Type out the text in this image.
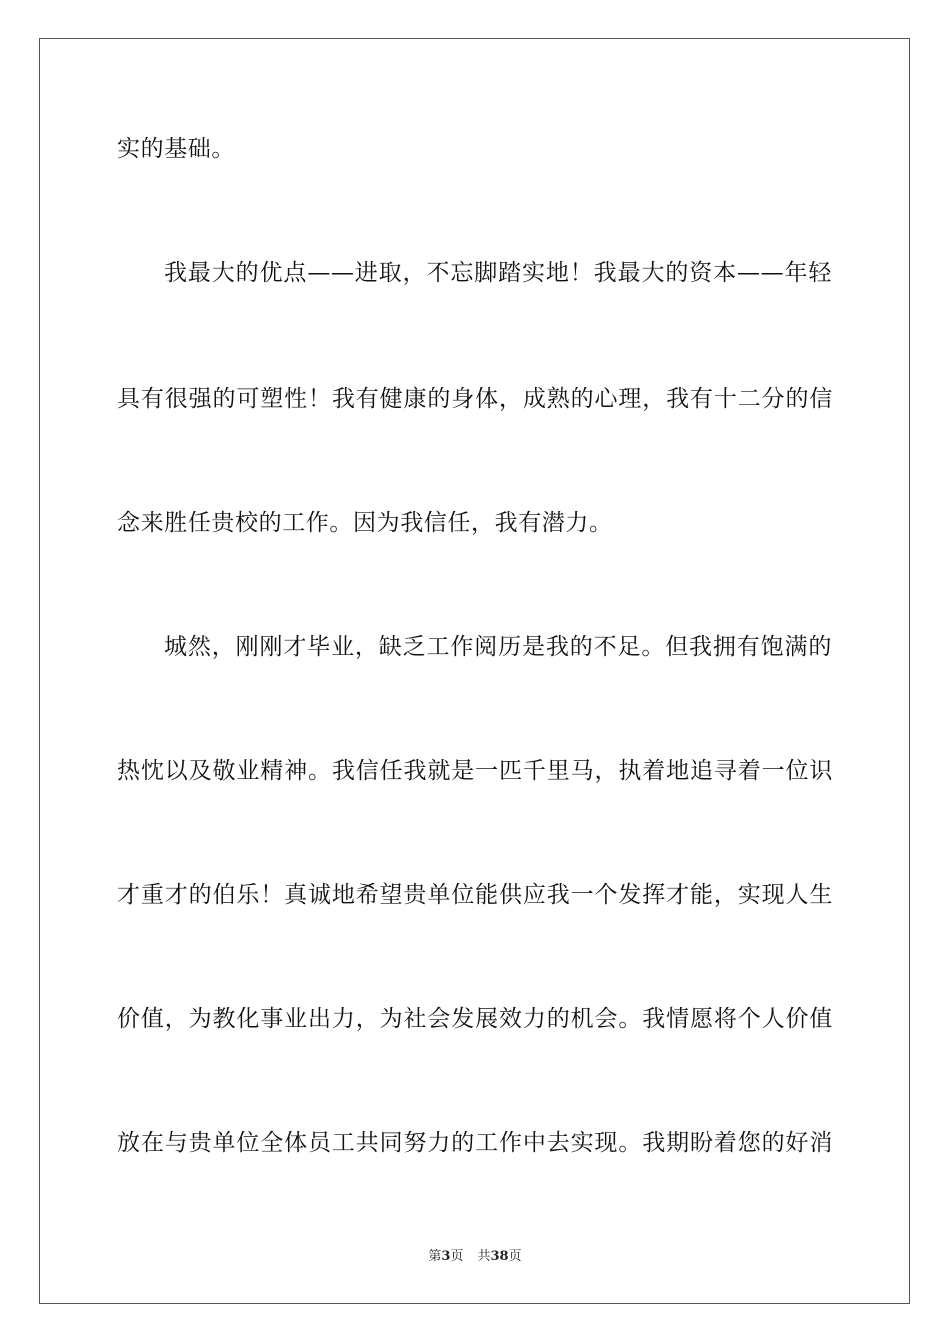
实的基础。
我最大的优点——进取，不忘脚踏实地！我最大的资本——年轻
具有很强的可塑性！我有健康的身体，成熟的心理，我有十二分的信
念来胜任贵校的工作。因为我信任，我有潜力。
城然，刚刚才毕业，缺乏工作阅历是我的不足。但我拥有饱满的
热忱以及敬业精神。我信任我就是一匹千里马，执着地追寻着一位识
才重才的伯乐！真诚地希望贵单位能供应我一个发挥才能，实现人生
价值，为教化事业出力，为社会发展效力的机会。我情愿将个人价值
放在与贵单位全体员工共同努力的工作中去实现。我期盼着您的好消
第3页 共38页
